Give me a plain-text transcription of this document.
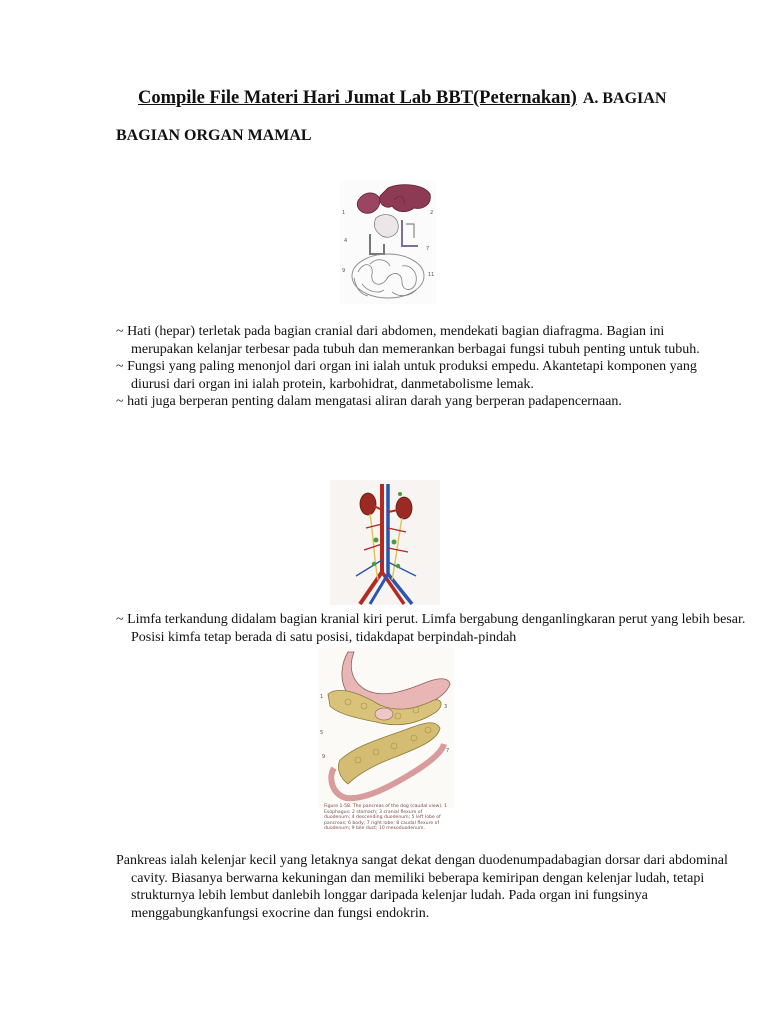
Compile File Materi Hari Jumat Lab BBT(Peternakan) A. BAGIAN
BAGIAN ORGAN MAMAL
1	2
4
7
9
11
~ Hati (hepar) terletak pada bagian cranial dari abdomen, mendekati bagian diafragma. Bagian ini merupakan kelanjar terbesar pada tubuh dan memerankan berbagai fungsi tubuh penting untuk tubuh.
~ Fungsi yang paling menonjol dari organ ini ialah untuk produksi empedu. Akantetapi komponen yang diurusi dari organ ini ialah protein, karbohidrat, danmetabolisme lemak.
~ hati juga berperan penting dalam mengatasi aliran darah yang berperan padapencernaan.
~ Limfa terkandung didalam bagian kranial kiri perut. Limfa bergabung denganlingkaran perut yang lebih besar. Posisi kimfa tetap berada di satu posisi, tidakdapat berpindah-pindah
1
5
9
3
7
Figure 1-58. The pancreas of the dog (caudal view). 1 Esophagus; 2 stomach; 3 cranial flexure of duodenum; 4 descending duodenum; 5 left lobe of pancreas; 6 body; 7 right lobe; 8 caudal flexure of duodenum; 9 bile duct; 10 mesoduodenum.
Pankreas ialah kelenjar kecil yang letaknya sangat dekat dengan duodenumpadabagian dorsar dari abdominal cavity. Biasanya berwarna kekuningan dan memiliki beberapa kemiripan dengan kelenjar ludah, tetapi strukturnya lebih lembut danlebih longgar daripada kelenjar ludah. Pada organ ini fungsinya menggabungkanfungsi exocrine dan fungsi endokrin.
